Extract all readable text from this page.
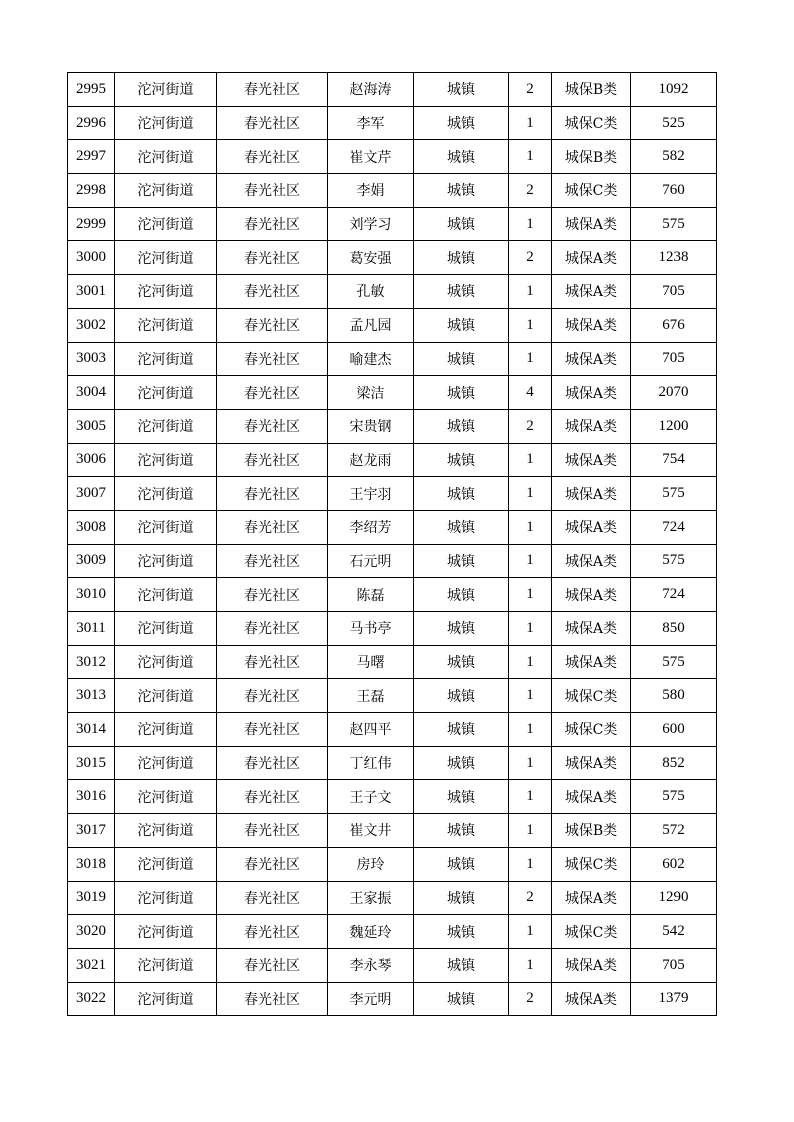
2995	沱河街道	春光社区	赵海涛	城镇	2	城保B类	1092
2996	沱河街道	春光社区	李军	城镇	1	城保C类	525
2997	沱河街道	春光社区	崔文芹	城镇	1	城保B类	582
2998	沱河街道	春光社区	李娟	城镇	2	城保C类	760
2999	沱河街道	春光社区	刘学习	城镇	1	城保A类	575
3000	沱河街道	春光社区	葛安强	城镇	2	城保A类	1238
3001	沱河街道	春光社区	孔敏	城镇	1	城保A类	705
3002	沱河街道	春光社区	孟凡园	城镇	1	城保A类	676
3003	沱河街道	春光社区	喻建杰	城镇	1	城保A类	705
3004	沱河街道	春光社区	梁洁	城镇	4	城保A类	2070
3005	沱河街道	春光社区	宋贵钢	城镇	2	城保A类	1200
3006	沱河街道	春光社区	赵龙雨	城镇	1	城保A类	754
3007	沱河街道	春光社区	王宇羽	城镇	1	城保A类	575
3008	沱河街道	春光社区	李绍芳	城镇	1	城保A类	724
3009	沱河街道	春光社区	石元明	城镇	1	城保A类	575
3010	沱河街道	春光社区	陈磊	城镇	1	城保A类	724
3011	沱河街道	春光社区	马书亭	城镇	1	城保A类	850
3012	沱河街道	春光社区	马曙	城镇	1	城保A类	575
3013	沱河街道	春光社区	王磊	城镇	1	城保C类	580
3014	沱河街道	春光社区	赵四平	城镇	1	城保C类	600
3015	沱河街道	春光社区	丁红伟	城镇	1	城保A类	852
3016	沱河街道	春光社区	王子文	城镇	1	城保A类	575
3017	沱河街道	春光社区	崔文井	城镇	1	城保B类	572
3018	沱河街道	春光社区	房玲	城镇	1	城保C类	602
3019	沱河街道	春光社区	王家振	城镇	2	城保A类	1290
3020	沱河街道	春光社区	魏延玲	城镇	1	城保C类	542
3021	沱河街道	春光社区	李永琴	城镇	1	城保A类	705
3022	沱河街道	春光社区	李元明	城镇	2	城保A类	1379
